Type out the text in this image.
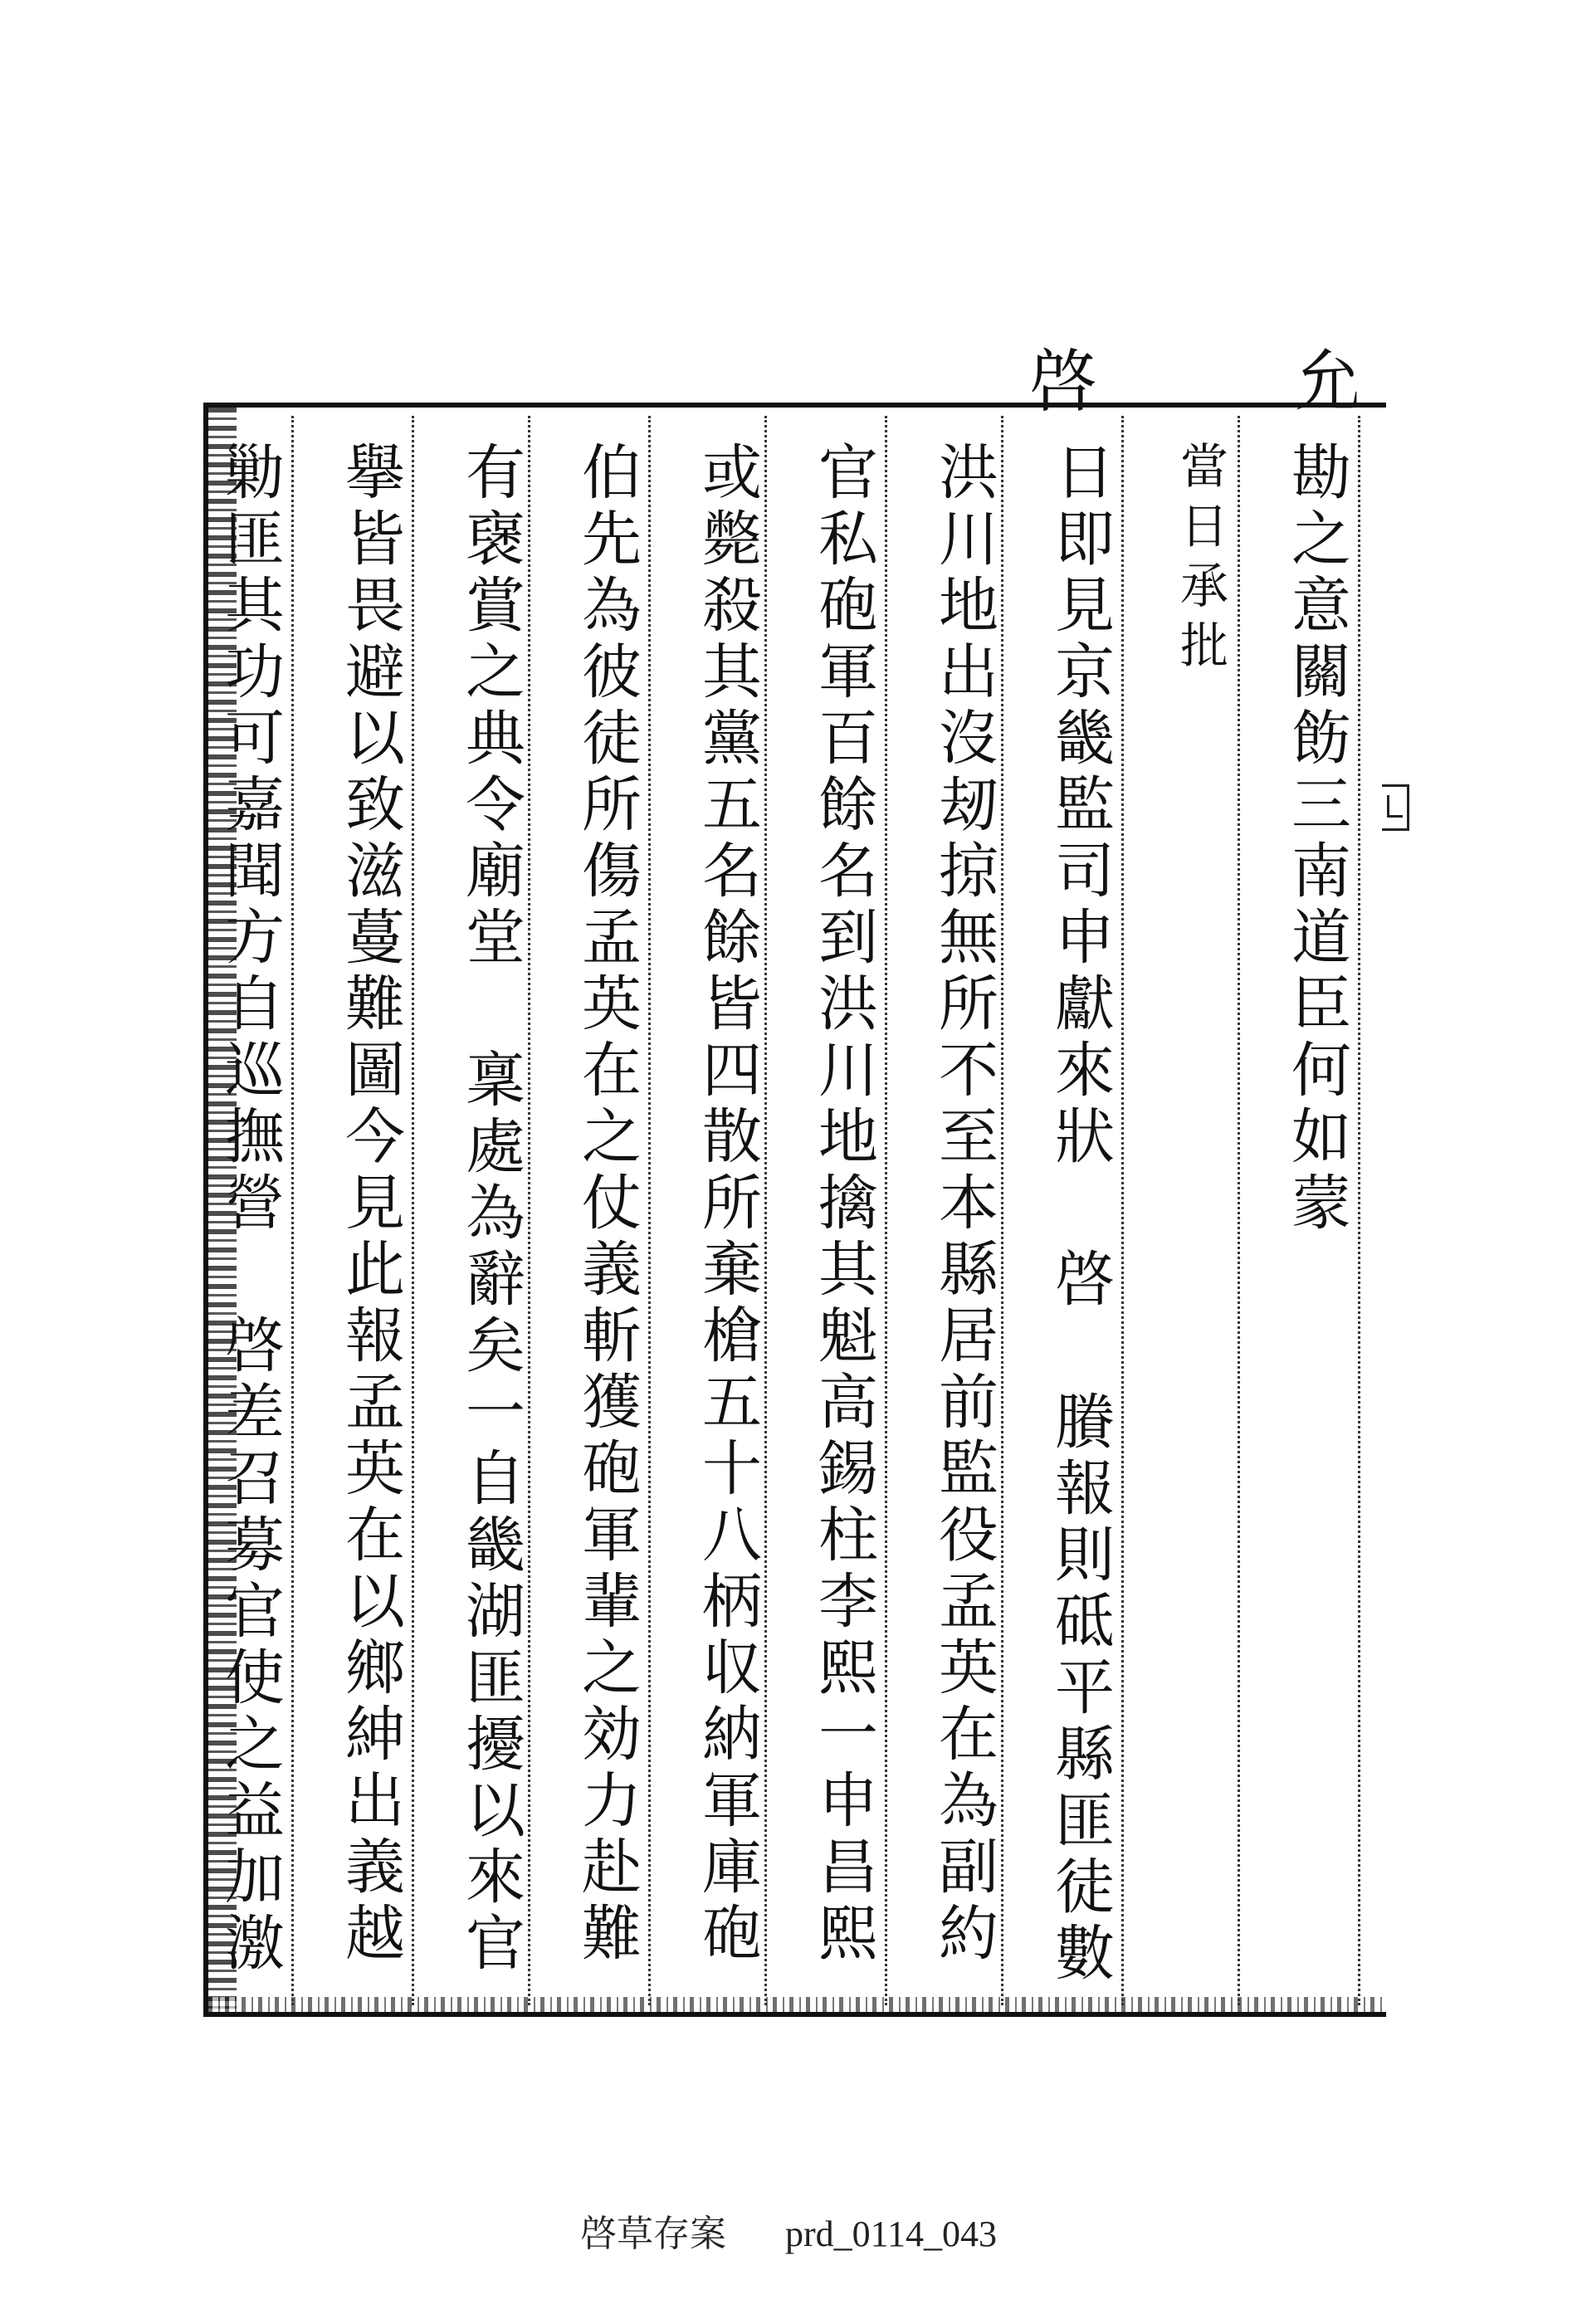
啓	允
勘之意關飭三南道臣何如蒙
當日承批
日即見京畿監司申獻來狀 啓 賸報則砥平縣匪徒數
洪川地出沒刼掠無所不至本縣居前監役孟英在為副約
官私砲軍百餘名到洪川地擒其魁高錫柱李熙一申昌熙
或斃殺其黨五名餘皆四散所棄槍五十八柄収納軍庫砲
伯先為彼徒所傷孟英在之仗義斬獲砲軍輩之効力赴難
有襃賞之典令廟堂 稟處為辭矣一自畿湖匪擾以來官
擧皆畏避以致滋蔓難圖今見此報孟英在以鄉紳出義越
勦匪其功可嘉聞方自巡撫營 啓差召募官使之益加激
啓草存案 prd_0114_043
